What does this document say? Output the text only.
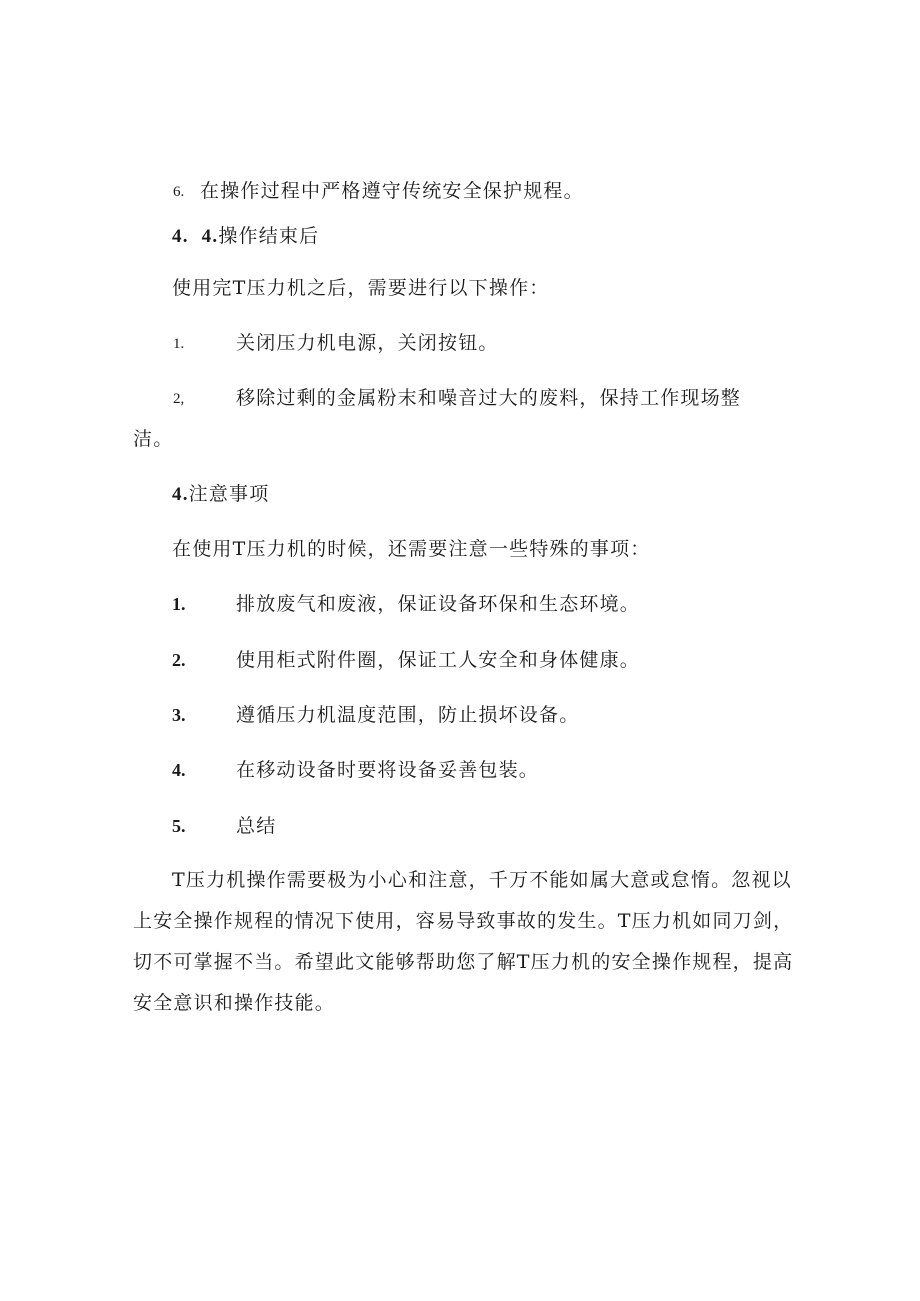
6. 在操作过程中严格遵守传统安全保护规程。
4. 4.操作结束后
使用完T压力机之后，需要进行以下操作：
1.	关闭压力机电源，关闭按钮。
2,	移除过剩的金属粉末和噪音过大的废料，保持工作现场整
洁。
4.注意事项
在使用T压力机的时候，还需要注意一些特殊的事项：
1.	排放废气和废液，保证设备环保和生态环境。
2.	使用柜式附件圈，保证工人安全和身体健康。
3.	遵循压力机温度范围，防止损坏设备。
4.	在移动设备时要将设备妥善包装。
5.	总结
T压力机操作需要极为小心和注意，千万不能如属大意或怠惰。忽视以
上安全操作规程的情况下使用，容易导致事故的发生。T压力机如同刀剑，
切不可掌握不当。希望此文能够帮助您了解T压力机的安全操作规程，提高
安全意识和操作技能。
